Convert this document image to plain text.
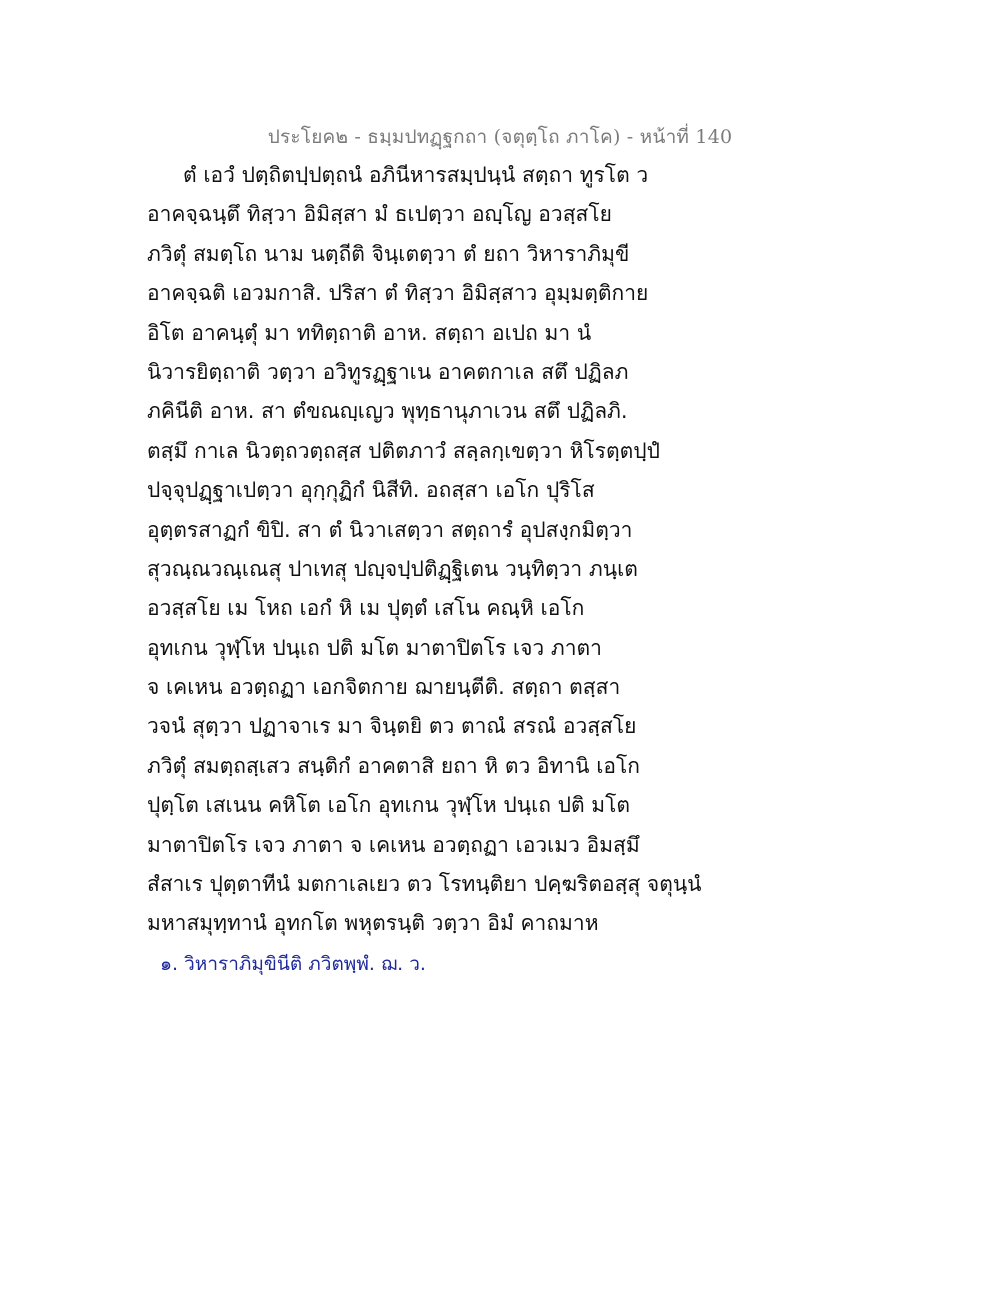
ประโยค๒ - ธมฺมปทฏฺฐกถา (จตุตฺโถ ภาโค) - หน้าที่ 140
ตํ เอวํ ปตฺถิตปฺปตฺถนํ อภินีหารสมฺปนฺนํ สตฺถา ทูรโต ว
อาคจฺฉนฺตึ ทิสฺวา อิมิสฺสา มํ ธเปตฺวา อญฺโญ อวสฺสโย
ภวิตุํ สมตฺโถ นาม นตฺถีติ จินฺเตตฺวา ตํ ยถา วิหาราภิมุขี
อาคจฺฉติ เอวมกาสิ. ปริสา ตํ ทิสฺวา อิมิสฺสาว อุมฺมตฺติกาย
อิโต อาคนฺตุํ มา ททิตฺถาติ อาห. สตฺถา อเปถ มา นํ
นิวารยิตฺถาติ วตฺวา อวิทูรฏฺฐาเน อาคตกาเล สตึ ปฏิลภ
ภคินีติ อาห. สา ตํขณญฺเญว พุทฺธานุภาเวน สตึ ปฏิลภิ.
ตสฺมึ กาเล นิวตฺถวตฺถสฺส ปติตภาวํ สลฺลกฺเขตฺวา หิโรตฺตปฺปํ
ปจฺจุปฏฺฐาเปตฺวา อุกฺกุฏิกํ นิสีทิ. อถสฺสา เอโก ปุริโส
อุตฺตรสาฏกํ ขิปิ. สา ตํ นิวาเสตฺวา สตฺถารํ อุปสงฺกมิตฺวา
สุวณฺณวณฺเณสุ ปาเทสุ ปญฺจปฺปติฏฺฐิเตน วนฺทิตฺวา ภนฺเต
อวสฺสโย เม โหถ เอกํ หิ เม ปุตฺตํ เสโน คณฺหิ เอโก
อุทเกน วุฬฺโห ปนฺเถ ปติ มโต มาตาปิตโร เจว ภาตา
จ เคเหน อวตฺถฏา เอกจิตกาย ฌายนฺตีติ. สตฺถา ตสฺสา
วจนํ สุตฺวา ปฏาจาเร มา จินฺตยิ ตว ตาณํ สรณํ อวสฺสโย
ภวิตุํ สมตฺถสฺเสว สนฺติกํ อาคตาสิ ยถา หิ ตว อิทานิ เอโก
ปุตฺโต เสเนน คหิโต เอโก อุทเกน วุฬฺโห ปนฺเถ ปติ มโต
มาตาปิตโร เจว ภาตา จ เคเหน อวตฺถฏา เอวเมว อิมสฺมึ
สํสาเร ปุตฺตาทีนํ มตกาเลเยว ตว โรทนฺติยา ปคฺฆริตอสฺสุ จตุนฺนํ
มหาสมุทฺทานํ อุทกโต พหุตรนฺติ วตฺวา อิมํ คาถมาห
๑. วิหาราภิมุขินีติ ภวิตพฺพํ. ฌ. ว.
